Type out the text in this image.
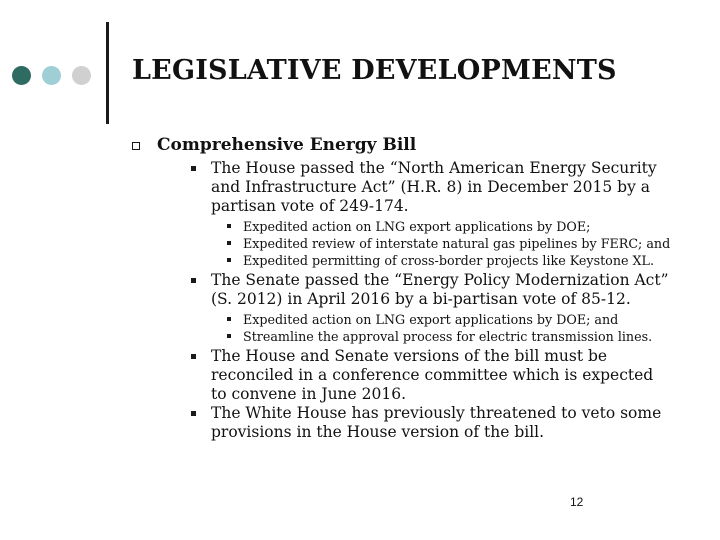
LEGISLATIVE DEVELOPMENTS
Comprehensive Energy Bill
The House passed the “North American Energy Security and Infrastructure Act” (H.R. 8) in December 2015 by a partisan vote of 249-174.
Expedited action on LNG export applications by DOE;
Expedited review of interstate natural gas pipelines by FERC; and
Expedited permitting of cross-border projects like Keystone XL.
The Senate passed the “Energy Policy Modernization Act” (S. 2012) in April 2016 by a bi-partisan vote of 85-12.
Expedited action on LNG export applications by DOE; and
Streamline the approval process for electric transmission lines.
The House and Senate versions of the bill must be reconciled in a conference committee which is expected to convene in June 2016.
The White House has previously threatened to veto some provisions in the House version of the bill.
12
